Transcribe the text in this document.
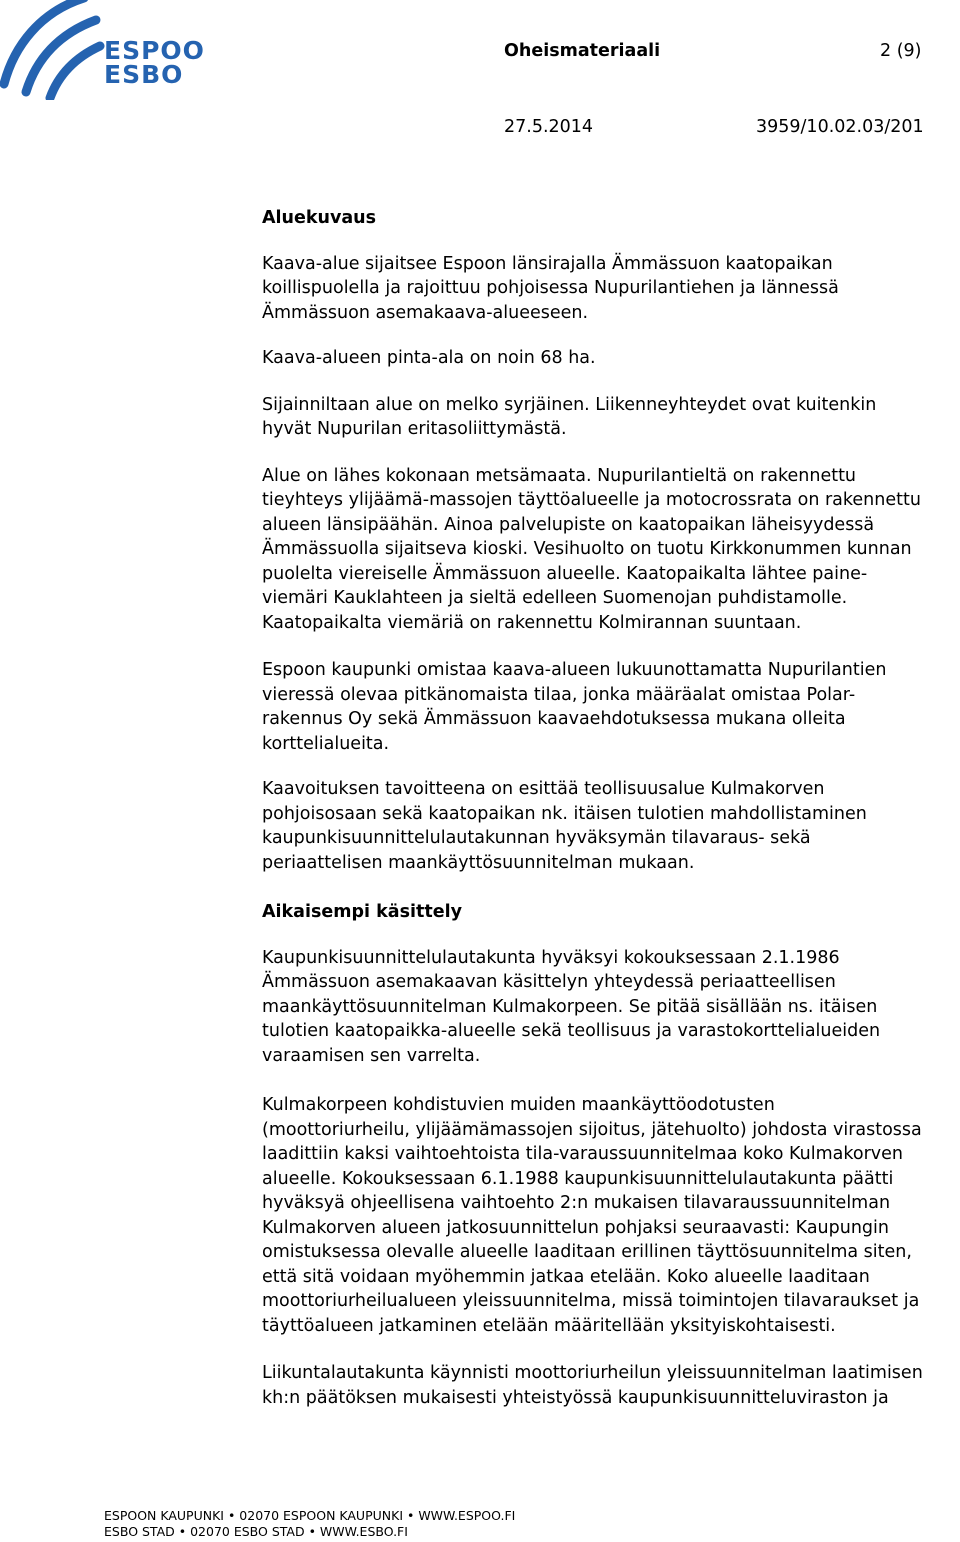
ESPOO
ESBO
Oheismateriaali	2 (9)
27.5.2014	3959/10.02.03/201
Aluekuvaus

Kaava-alue sijaitsee Espoon länsirajalla Ämmässuon kaatopaikan
koillispuolella ja rajoittuu pohjoisessa Nupurilantiehen ja lännessä
Ämmässuon asemakaava-alueeseen.

Kaava-alueen pinta-ala on noin 68 ha.

Sijainniltaan alue on melko syrjäinen. Liikenneyhteydet ovat kuitenkin
hyvät Nupurilan eritasoliittymästä.

Alue on lähes kokonaan metsämaata. Nupurilantieltä on rakennettu
tieyhteys ylijäämä-massojen täyttöalueelle ja motocrossrata on rakennettu
alueen länsipäähän. Ainoa palvelupiste on kaatopaikan läheisyydessä
Ämmässuolla sijaitseva kioski. Vesihuolto on tuotu Kirkkonummen kunnan
puolelta viereiselle Ämmässuon alueelle. Kaatopaikalta lähtee paine-
viemäri Kauklahteen ja sieltä edelleen Suomenojan puhdistamolle.
Kaatopaikalta viemäriä on rakennettu Kolmirannan suuntaan.

Espoon kaupunki omistaa kaava-alueen lukuunottamatta Nupurilantien
vieressä olevaa pitkänomaista tilaa, jonka määräalat omistaa Polar-
rakennus Oy sekä Ämmässuon kaavaehdotuksessa mukana olleita
korttelialueita.

Kaavoituksen tavoitteena on esittää teollisuusalue Kulmakorven
pohjoisosaan sekä kaatopaikan nk. itäisen tulotien mahdollistaminen
kaupunkisuunnittelulautakunnan hyväksymän tilavaraus- sekä
periaattelisen maankäyttösuunnitelman mukaan.

Aikaisempi käsittely

Kaupunkisuunnittelulautakunta hyväksyi kokouksessaan 2.1.1986
Ämmässuon asemakaavan käsittelyn yhteydessä periaatteellisen
maankäyttösuunnitelman Kulmakorpeen. Se pitää sisällään ns. itäisen
tulotien kaatopaikka-alueelle sekä teollisuus ja varastokorttelialueiden
varaamisen sen varrelta.

Kulmakorpeen kohdistuvien muiden maankäyttöodotusten
(moottoriurheilu, ylijäämämassojen sijoitus, jätehuolto) johdosta virastossa
laadittiin kaksi vaihtoehtoista tila-varaussuunnitelmaa koko Kulmakorven
alueelle. Kokouksessaan 6.1.1988 kaupunkisuunnittelulautakunta päätti
hyväksyä ohjeellisena vaihtoehto 2:n mukaisen tilavaraussuunnitelman
Kulmakorven alueen jatkosuunnittelun pohjaksi seuraavasti: Kaupungin
omistuksessa olevalle alueelle laaditaan erillinen täyttösuunnitelma siten,
että sitä voidaan myöhemmin jatkaa etelään. Koko alueelle laaditaan
moottoriurheilualueen yleissuunnitelma, missä toimintojen tilavaraukset ja
täyttöalueen jatkaminen etelään määritellään yksityiskohtaisesti.

Liikuntalautakunta käynnisti moottoriurheilun yleissuunnitelman laatimisen
kh:n päätöksen mukaisesti yhteistyössä kaupunkisuunnitteluviraston ja

ESPOON KAUPUNKI • 02070 ESPOON KAUPUNKI • WWW.ESPOO.FI
ESBO STAD • 02070 ESBO STAD • WWW.ESBO.FI
